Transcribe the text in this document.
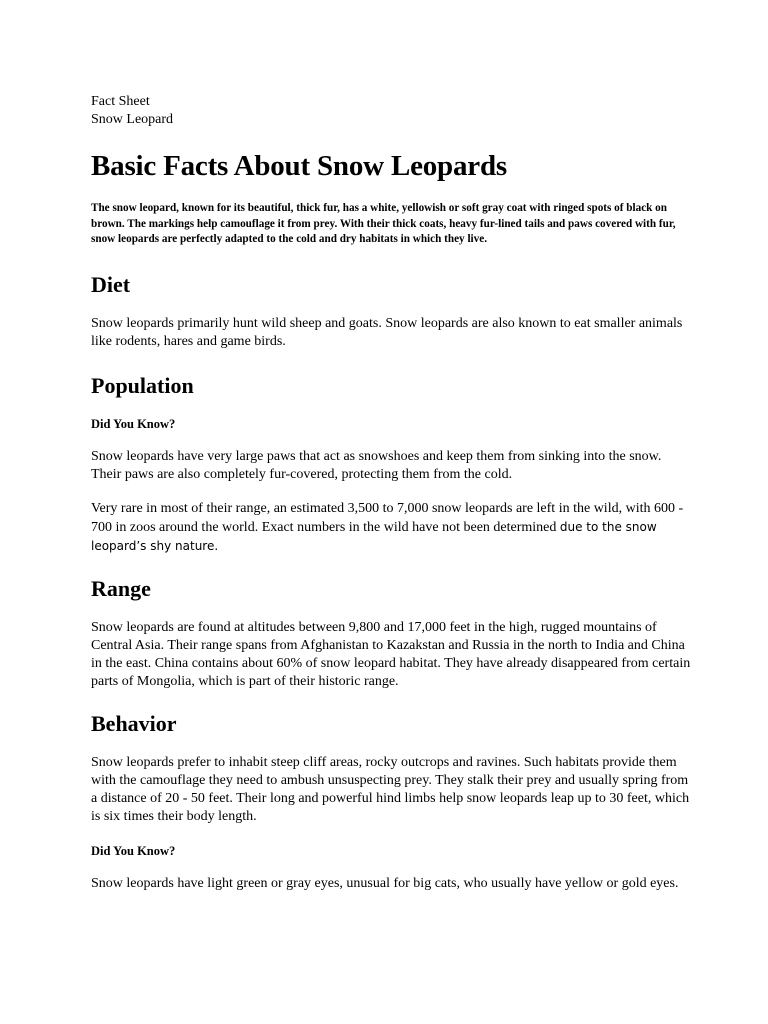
Fact Sheet

Snow Leopard

Basic Facts About Snow Leopards

The snow leopard, known for its beautiful, thick fur, has a white, yellowish or soft gray coat with ringed spots of black on brown. The markings help camouflage it from prey. With their thick coats, heavy fur-lined tails and paws covered with fur, snow leopards are perfectly adapted to the cold and dry habitats in which they live.

Diet

Snow leopards primarily hunt wild sheep and goats. Snow leopards are also known to eat smaller animals like rodents, hares and game birds.

Population

Did You Know?

Snow leopards have very large paws that act as snowshoes and keep them from sinking into the snow. Their paws are also completely fur-covered, protecting them from the cold.

Very rare in most of their range, an estimated 3,500 to 7,000 snow leopards are left in the wild, with 600 - 700 in zoos around the world. Exact numbers in the wild have not been determined due to the snow leopard’s shy nature.

Range

Snow leopards are found at altitudes between 9,800 and 17,000 feet in the high, rugged mountains of Central Asia. Their range spans from Afghanistan to Kazakstan and Russia in the north to India and China in the east. China contains about 60% of snow leopard habitat. They have already disappeared from certain parts of Mongolia, which is part of their historic range.

Behavior

Snow leopards prefer to inhabit steep cliff areas, rocky outcrops and ravines. Such habitats provide them with the camouflage they need to ambush unsuspecting prey. They stalk their prey and usually spring from a distance of 20 - 50 feet. Their long and powerful hind limbs help snow leopards leap up to 30 feet, which is six times their body length.

Did You Know?

Snow leopards have light green or gray eyes, unusual for big cats, who usually have yellow or gold eyes.
